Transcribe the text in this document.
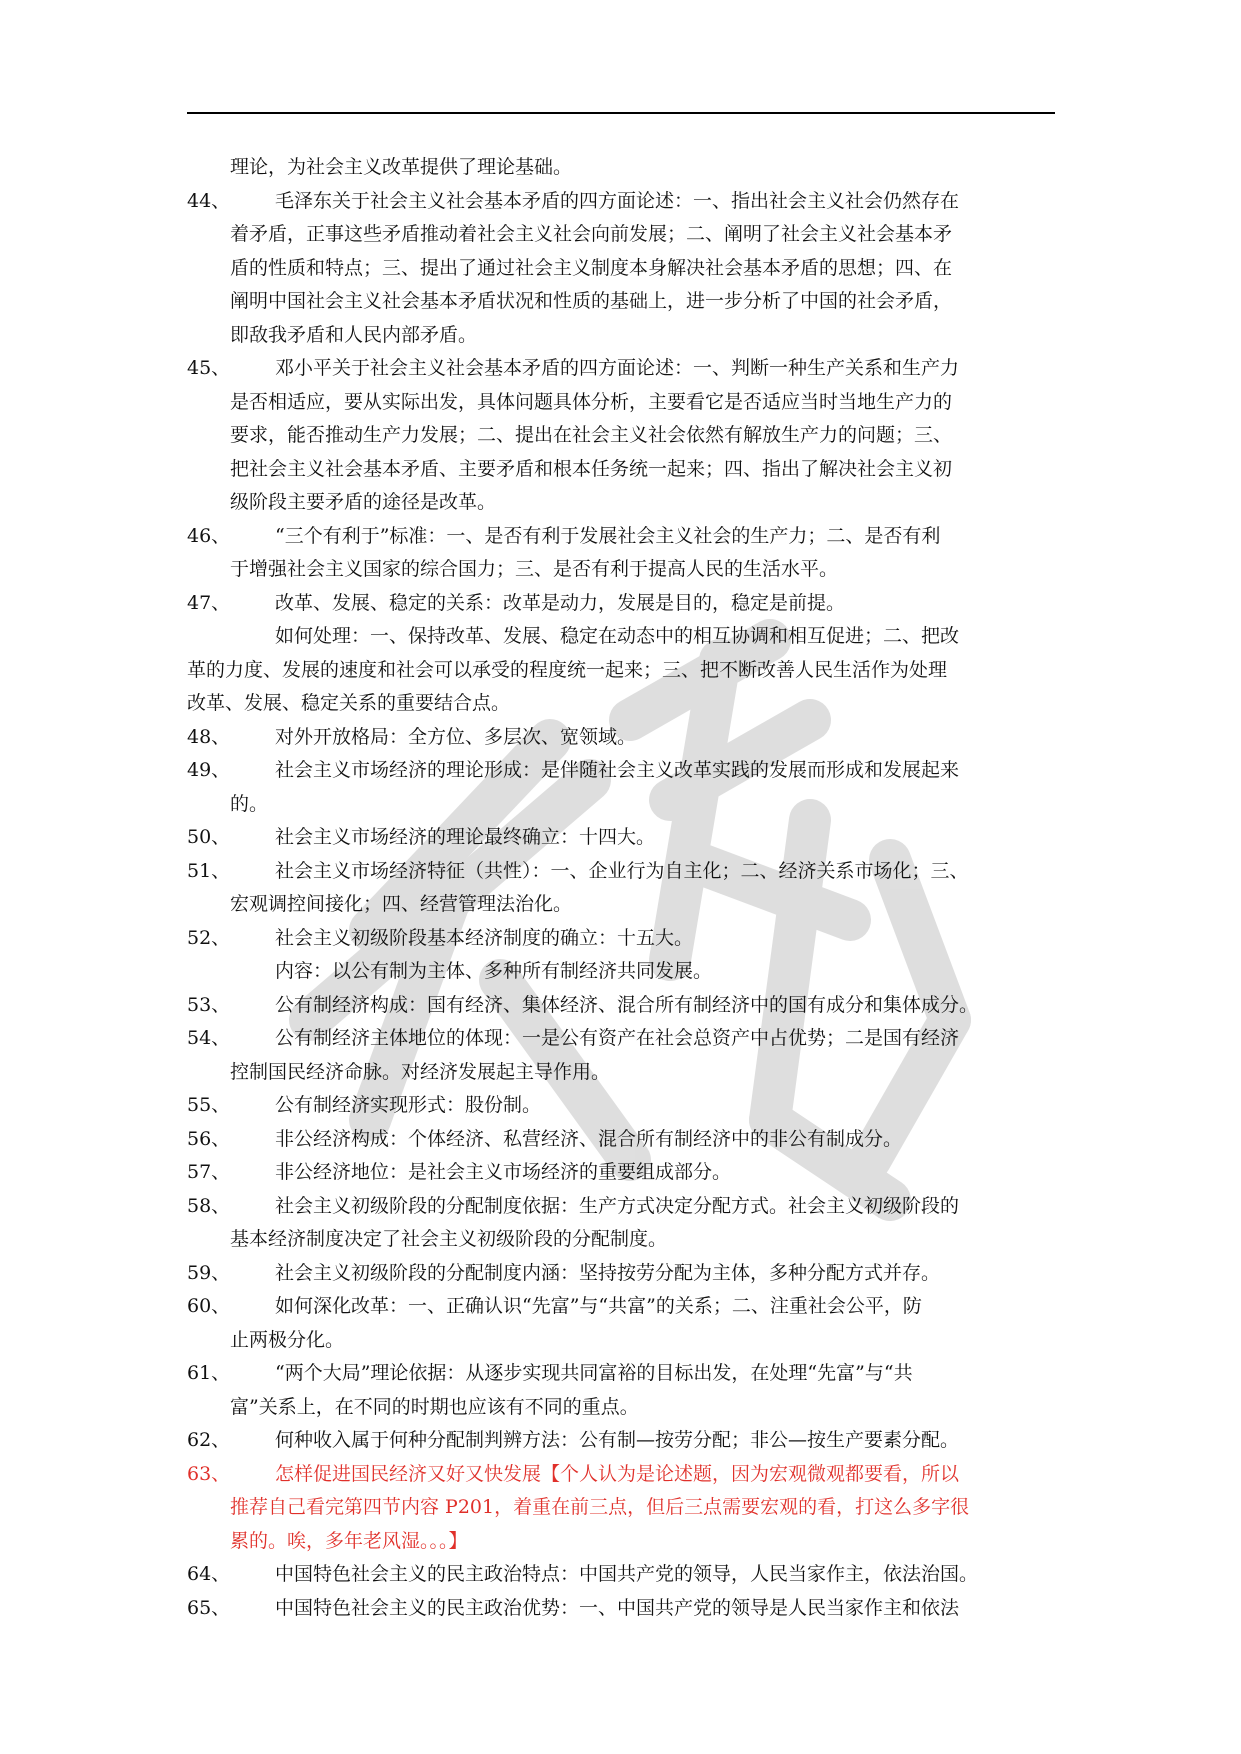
理论，为社会主义改革提供了理论基础。
44、 毛泽东关于社会主义社会基本矛盾的四方面论述：一、指出社会主义社会仍然存在
着矛盾，正事这些矛盾推动着社会主义社会向前发展；二、阐明了社会主义社会基本矛
盾的性质和特点；三、提出了通过社会主义制度本身解决社会基本矛盾的思想；四、在
阐明中国社会主义社会基本矛盾状况和性质的基础上，进一步分析了中国的社会矛盾，
即敌我矛盾和人民内部矛盾。
45、 邓小平关于社会主义社会基本矛盾的四方面论述：一、判断一种生产关系和生产力
是否相适应，要从实际出发，具体问题具体分析，主要看它是否适应当时当地生产力的
要求，能否推动生产力发展；二、提出在社会主义社会依然有解放生产力的问题；三、
把社会主义社会基本矛盾、主要矛盾和根本任务统一起来；四、指出了解决社会主义初
级阶段主要矛盾的途径是改革。
46、 “三个有利于”标准：一、是否有利于发展社会主义社会的生产力；二、是否有利
于增强社会主义国家的综合国力；三、是否有利于提高人民的生活水平。
47、 改革、发展、稳定的关系：改革是动力，发展是目的，稳定是前提。
如何处理：一、保持改革、发展、稳定在动态中的相互协调和相互促进；二、把改
革的力度、发展的速度和社会可以承受的程度统一起来；三、把不断改善人民生活作为处理
改革、发展、稳定关系的重要结合点。
48、 对外开放格局：全方位、多层次、宽领域。
49、 社会主义市场经济的理论形成：是伴随社会主义改革实践的发展而形成和发展起来
的。
50、 社会主义市场经济的理论最终确立：十四大。
51、 社会主义市场经济特征（共性）：一、企业行为自主化；二、经济关系市场化；三、
宏观调控间接化；四、经营管理法治化。
52、 社会主义初级阶段基本经济制度的确立：十五大。
内容：以公有制为主体、多种所有制经济共同发展。
53、 公有制经济构成：国有经济、集体经济、混合所有制经济中的国有成分和集体成分。
54、 公有制经济主体地位的体现：一是公有资产在社会总资产中占优势；二是国有经济
控制国民经济命脉。对经济发展起主导作用。
55、 公有制经济实现形式：股份制。
56、 非公经济构成：个体经济、私营经济、混合所有制经济中的非公有制成分。
57、 非公经济地位：是社会主义市场经济的重要组成部分。
58、 社会主义初级阶段的分配制度依据：生产方式决定分配方式。社会主义初级阶段的
基本经济制度决定了社会主义初级阶段的分配制度。
59、 社会主义初级阶段的分配制度内涵：坚持按劳分配为主体，多种分配方式并存。
60、 如何深化改革：一、正确认识“先富”与“共富”的关系；二、注重社会公平，防
止两极分化。
61、 “两个大局”理论依据：从逐步实现共同富裕的目标出发，在处理“先富”与“共
富”关系上，在不同的时期也应该有不同的重点。
62、 何种收入属于何种分配制判辨方法：公有制—按劳分配；非公—按生产要素分配。
63、 怎样促进国民经济又好又快发展【个人认为是论述题，因为宏观微观都要看，所以
推荐自己看完第四节内容 P201，着重在前三点，但后三点需要宏观的看，打这么多字很
累的。唉，多年老风湿。。。】
64、 中国特色社会主义的民主政治特点：中国共产党的领导，人民当家作主，依法治国。
65、 中国特色社会主义的民主政治优势：一、中国共产党的领导是人民当家作主和依法
